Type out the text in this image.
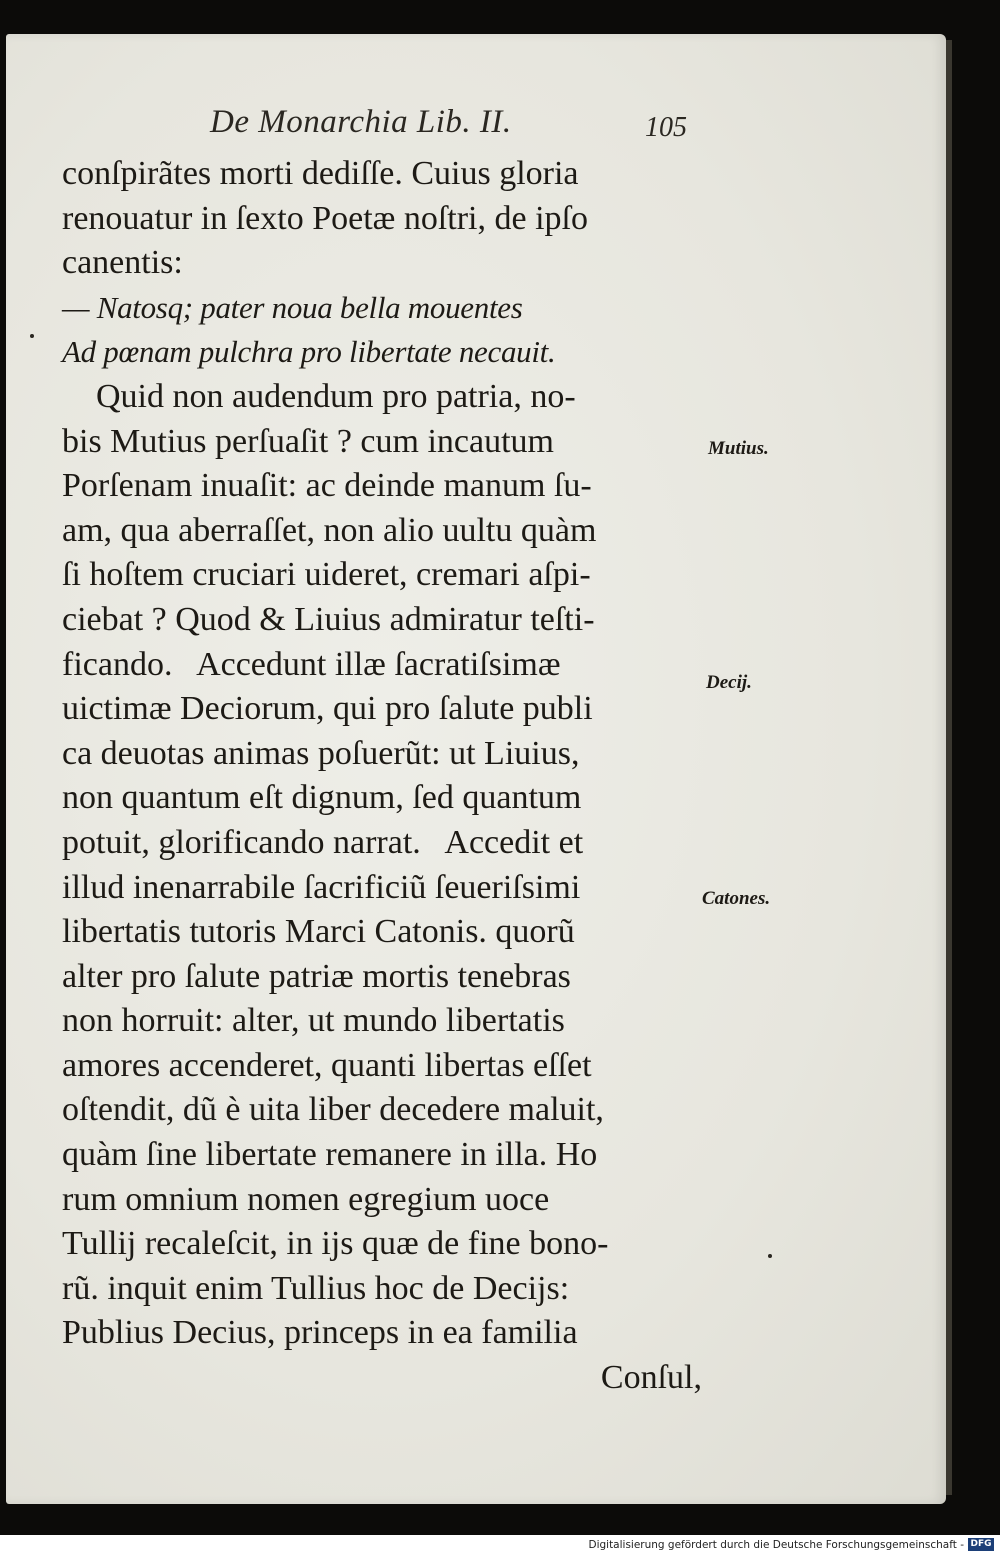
De Monarchia Lib. II.	105
conſpirãtes morti dediſſe. Cuius gloria
renouatur in ſexto Poetæ noſtri, de ipſo
canentis:
— Natosq; pater noua bella mouentes
Ad pœnam pulchra pro libertate necauit.
Quid non audendum pro patria, no-
bis Mutius perſuaſit ? cum incautum
Porſenam inuaſit: ac deinde manum ſu-
am, qua aberraſſet, non alio uultu quàm
ſi hoſtem cruciari uideret, cremari aſpi-
ciebat ? Quod & Liuius admiratur teſti-
ficando.   Accedunt illæ ſacratiſsimæ
uictimæ Deciorum, qui pro ſalute publi
ca deuotas animas poſuerũt: ut Liuius,
non quantum eſt dignum, ſed quantum
potuit, glorificando narrat.   Accedit et
illud inenarrabile ſacrificiũ ſeueriſsimi
libertatis tutoris Marci Catonis. quorũ
alter pro ſalute patriæ mortis tenebras
non horruit: alter, ut mundo libertatis
amores accenderet, quanti libertas eſſet
oſtendit, dũ è uita liber decedere maluit,
quàm ſine libertate remanere in illa. Ho
rum omnium nomen egregium uoce
Tullij recaleſcit, in ijs quæ de fine bono-
rũ. inquit enim Tullius hoc de Decijs:
Publius Decius, princeps in ea familia
Conſul,
Mutius.
Decij.
Catones.
Digitalisierung gefördert durch die Deutsche Forschungsgemeinschaft - DFG
